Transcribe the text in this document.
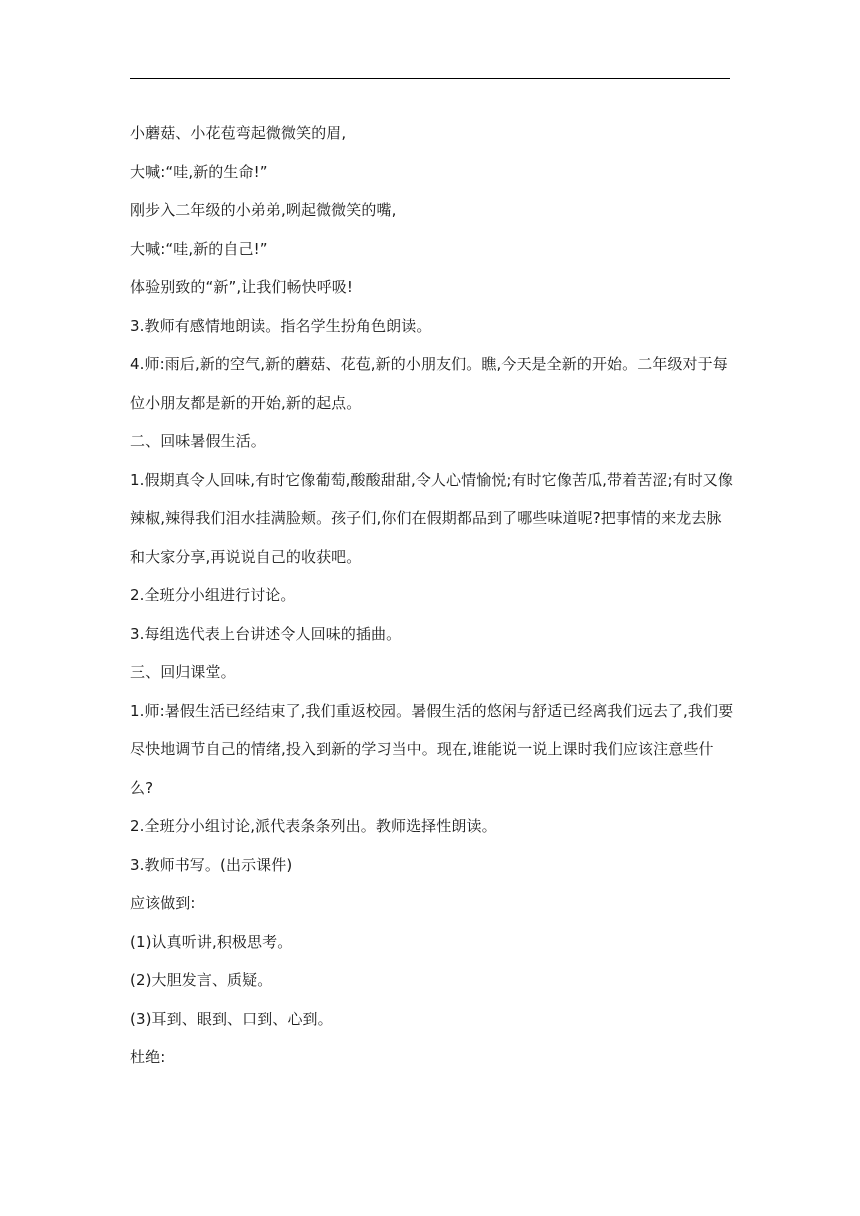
小蘑菇、小花苞弯起微微笑的眉,

大喊:“哇,新的生命!”

刚步入二年级的小弟弟,咧起微微笑的嘴,

大喊:“哇,新的自己!”

体验别致的“新”,让我们畅快呼吸!

3.教师有感情地朗读。指名学生扮角色朗读。

4.师:雨后,新的空气,新的蘑菇、花苞,新的小朋友们。瞧,今天是全新的开始。二年级对于每位小朋友都是新的开始,新的起点。

二、回味暑假生活。

1.假期真令人回味,有时它像葡萄,酸酸甜甜,令人心情愉悦;有时它像苦瓜,带着苦涩;有时又像辣椒,辣得我们泪水挂满脸颊。孩子们,你们在假期都品到了哪些味道呢?把事情的来龙去脉和大家分享,再说说自己的收获吧。

2.全班分小组进行讨论。

3.每组选代表上台讲述令人回味的插曲。

三、回归课堂。

1.师:暑假生活已经结束了,我们重返校园。暑假生活的悠闲与舒适已经离我们远去了,我们要尽快地调节自己的情绪,投入到新的学习当中。现在,谁能说一说上课时我们应该注意些什么?

2.全班分小组讨论,派代表条条列出。教师选择性朗读。

3.教师书写。(出示课件)

应该做到:

(1)认真听讲,积极思考。

(2)大胆发言、质疑。

(3)耳到、眼到、口到、心到。

杜绝:
